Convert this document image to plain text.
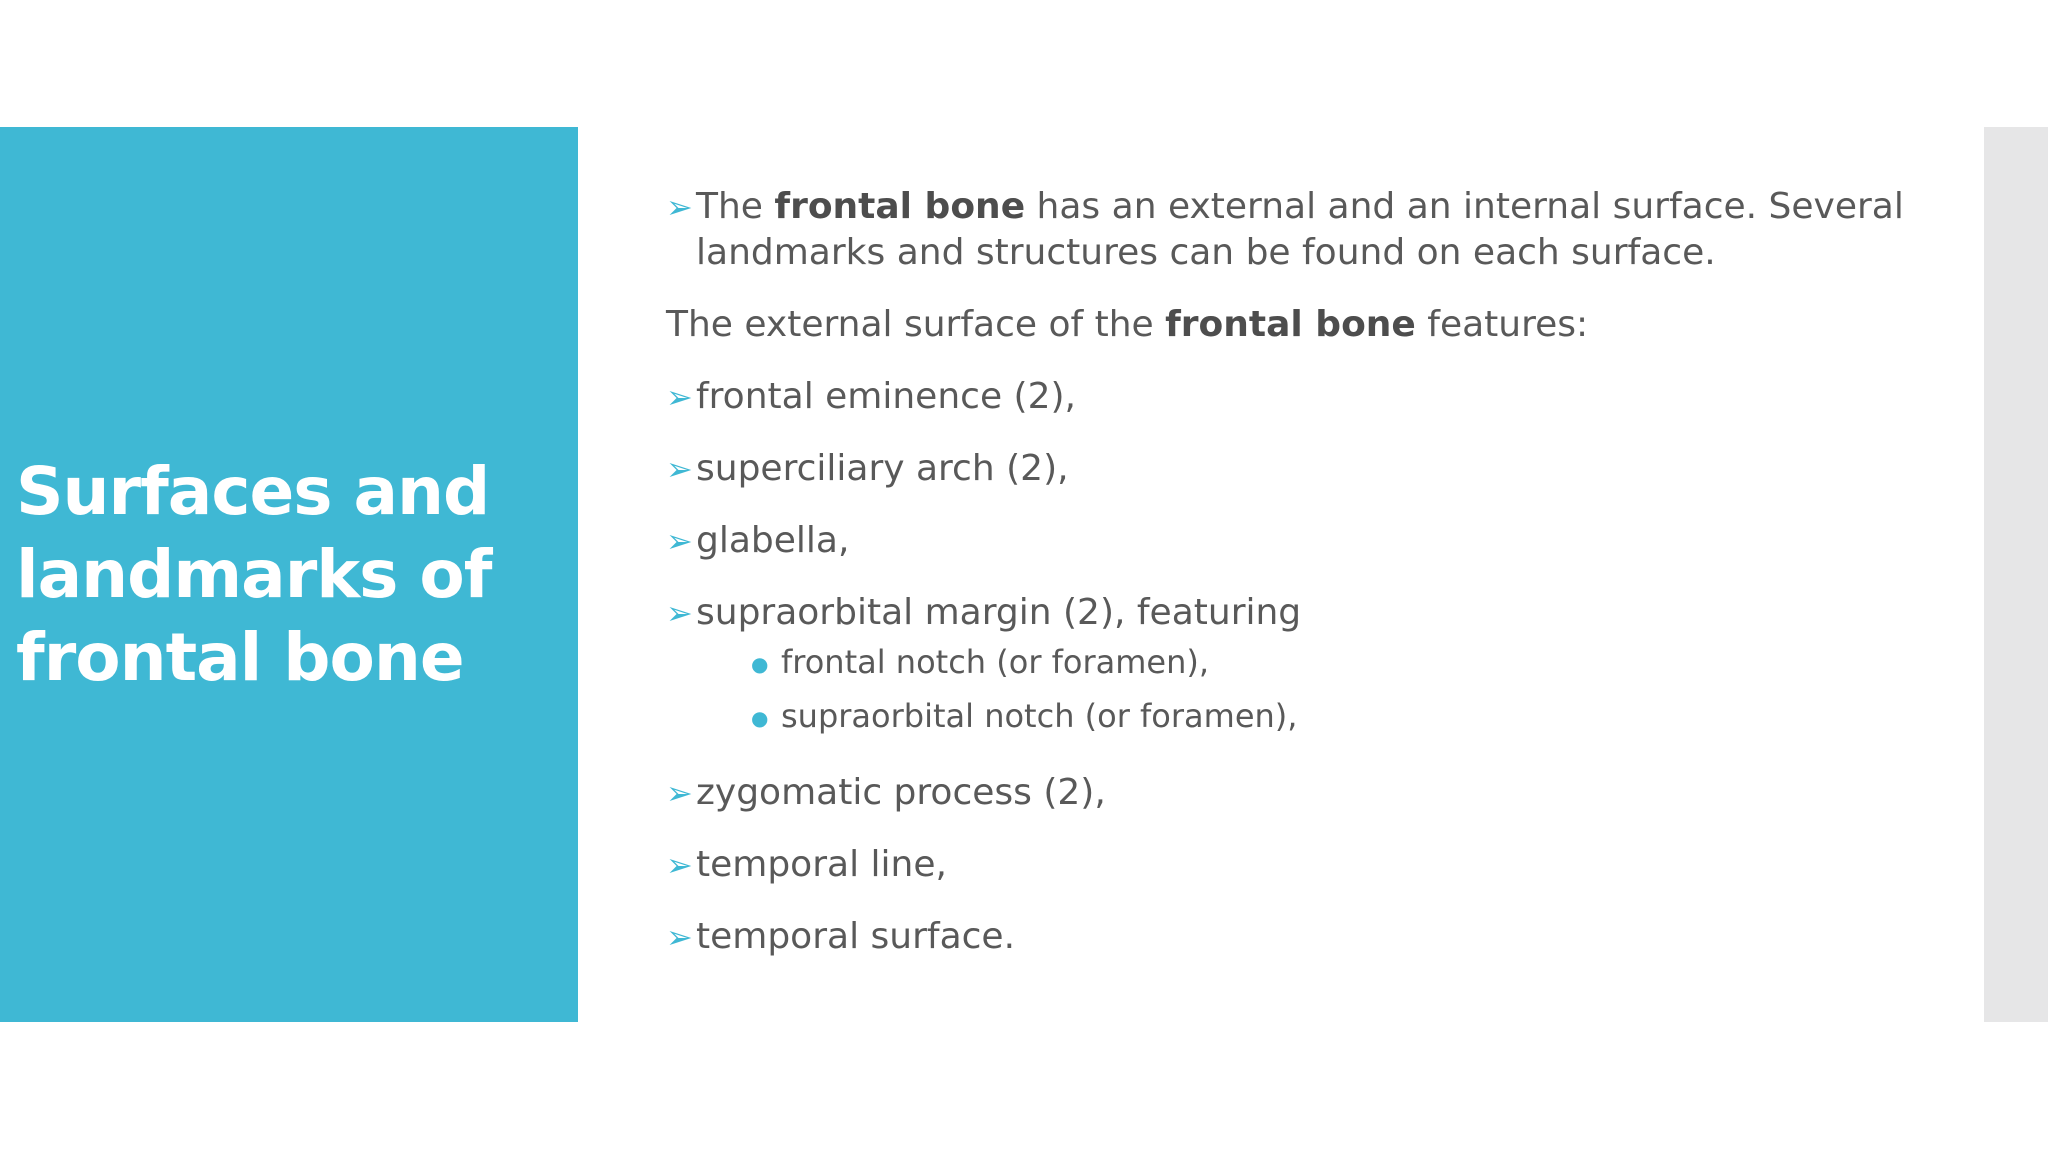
Surfaces and
landmarks of
frontal bone
➢The frontal bone has an external and an internal surface. Several
landmarks and structures can be found on each surface.
The external surface of the frontal bone features:
➢frontal eminence (2),
➢superciliary arch (2),
➢glabella,
➢supraorbital margin (2), featuring
● frontal notch (or foramen),
● supraorbital notch (or foramen),
➢zygomatic process (2),
➢temporal line,
➢temporal surface.
